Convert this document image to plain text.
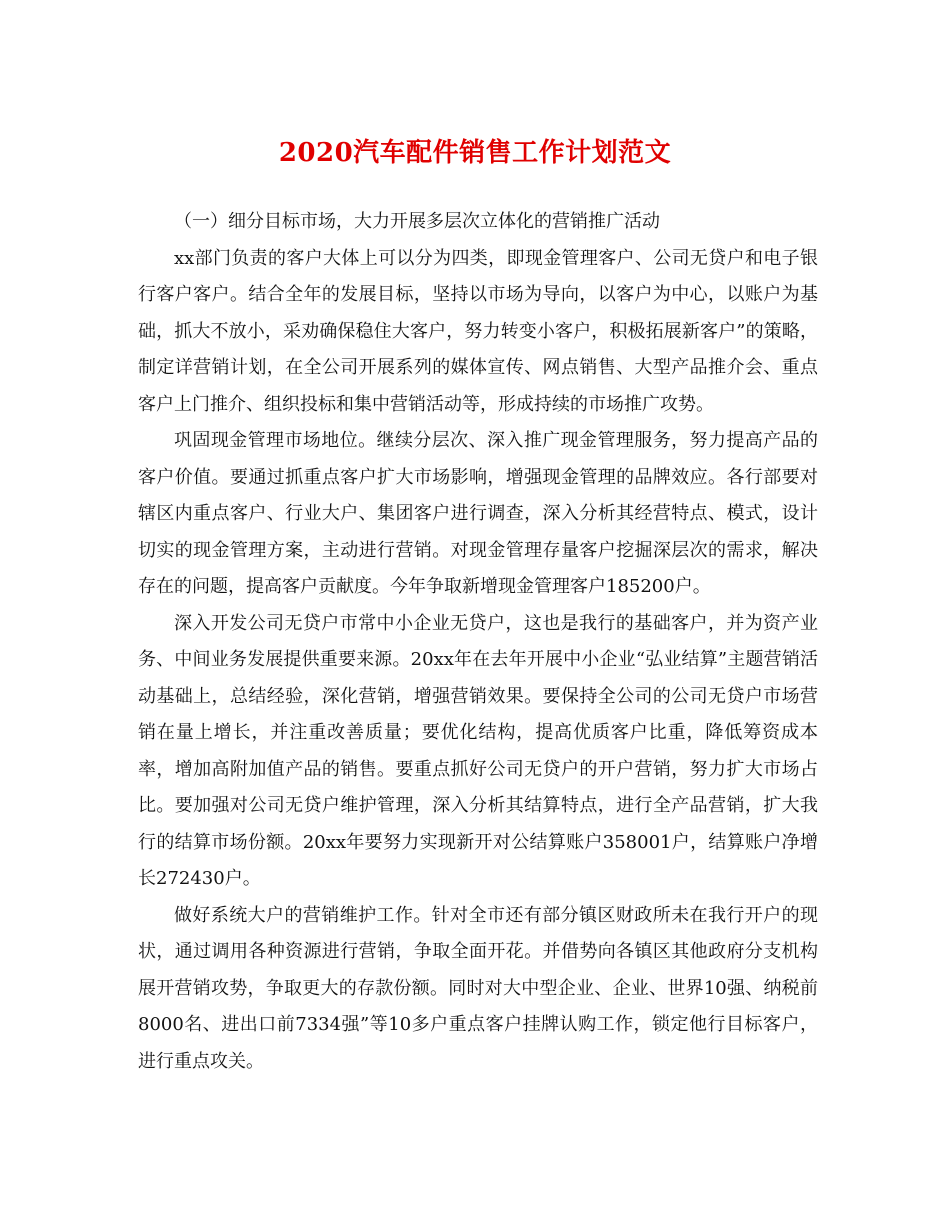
2020汽车配件销售工作计划范文

（一）细分目标市场，大力开展多层次立体化的营销推广活动

xx部门负责的客户大体上可以分为四类，即现金管理客户、公司无贷户和电子银行客户客户。结合全年的发展目标，坚持以市场为导向，以客户为中心，以账户为基础，抓大不放小，采劝确保稳住大客户，努力转变小客户，积极拓展新客户”的策略，制定详营销计划，在全公司开展系列的媒体宣传、网点销售、大型产品推介会、重点客户上门推介、组织投标和集中营销活动等，形成持续的市场推广攻势。

巩固现金管理市场地位。继续分层次、深入推广现金管理服务，努力提高产品的客户价值。要通过抓重点客户扩大市场影响，增强现金管理的品牌效应。各行部要对辖区内重点客户、行业大户、集团客户进行调查，深入分析其经营特点、模式，设计切实的现金管理方案，主动进行营销。对现金管理存量客户挖掘深层次的需求，解决存在的问题，提高客户贡献度。今年争取新增现金管理客户185200户。

深入开发公司无贷户市常中小企业无贷户，这也是我行的基础客户，并为资产业务、中间业务发展提供重要来源。20xx年在去年开展中小企业“弘业结算”主题营销活动基础上，总结经验，深化营销，增强营销效果。要保持全公司的公司无贷户市场营销在量上增长，并注重改善质量；要优化结构，提高优质客户比重，降低筹资成本率，增加高附加值产品的销售。要重点抓好公司无贷户的开户营销，努力扩大市场占比。要加强对公司无贷户维护管理，深入分析其结算特点，进行全产品营销，扩大我行的结算市场份额。20xx年要努力实现新开对公结算账户358001户，结算账户净增长272430户。

做好系统大户的营销维护工作。针对全市还有部分镇区财政所未在我行开户的现状，通过调用各种资源进行营销，争取全面开花。并借势向各镇区其他政府分支机构展开营销攻势，争取更大的存款份额。同时对大中型企业、企业、世界10强、纳税前8000名、进出口前7334强”等10多户重点客户挂牌认购工作，锁定他行目标客户，进行重点攻关。
